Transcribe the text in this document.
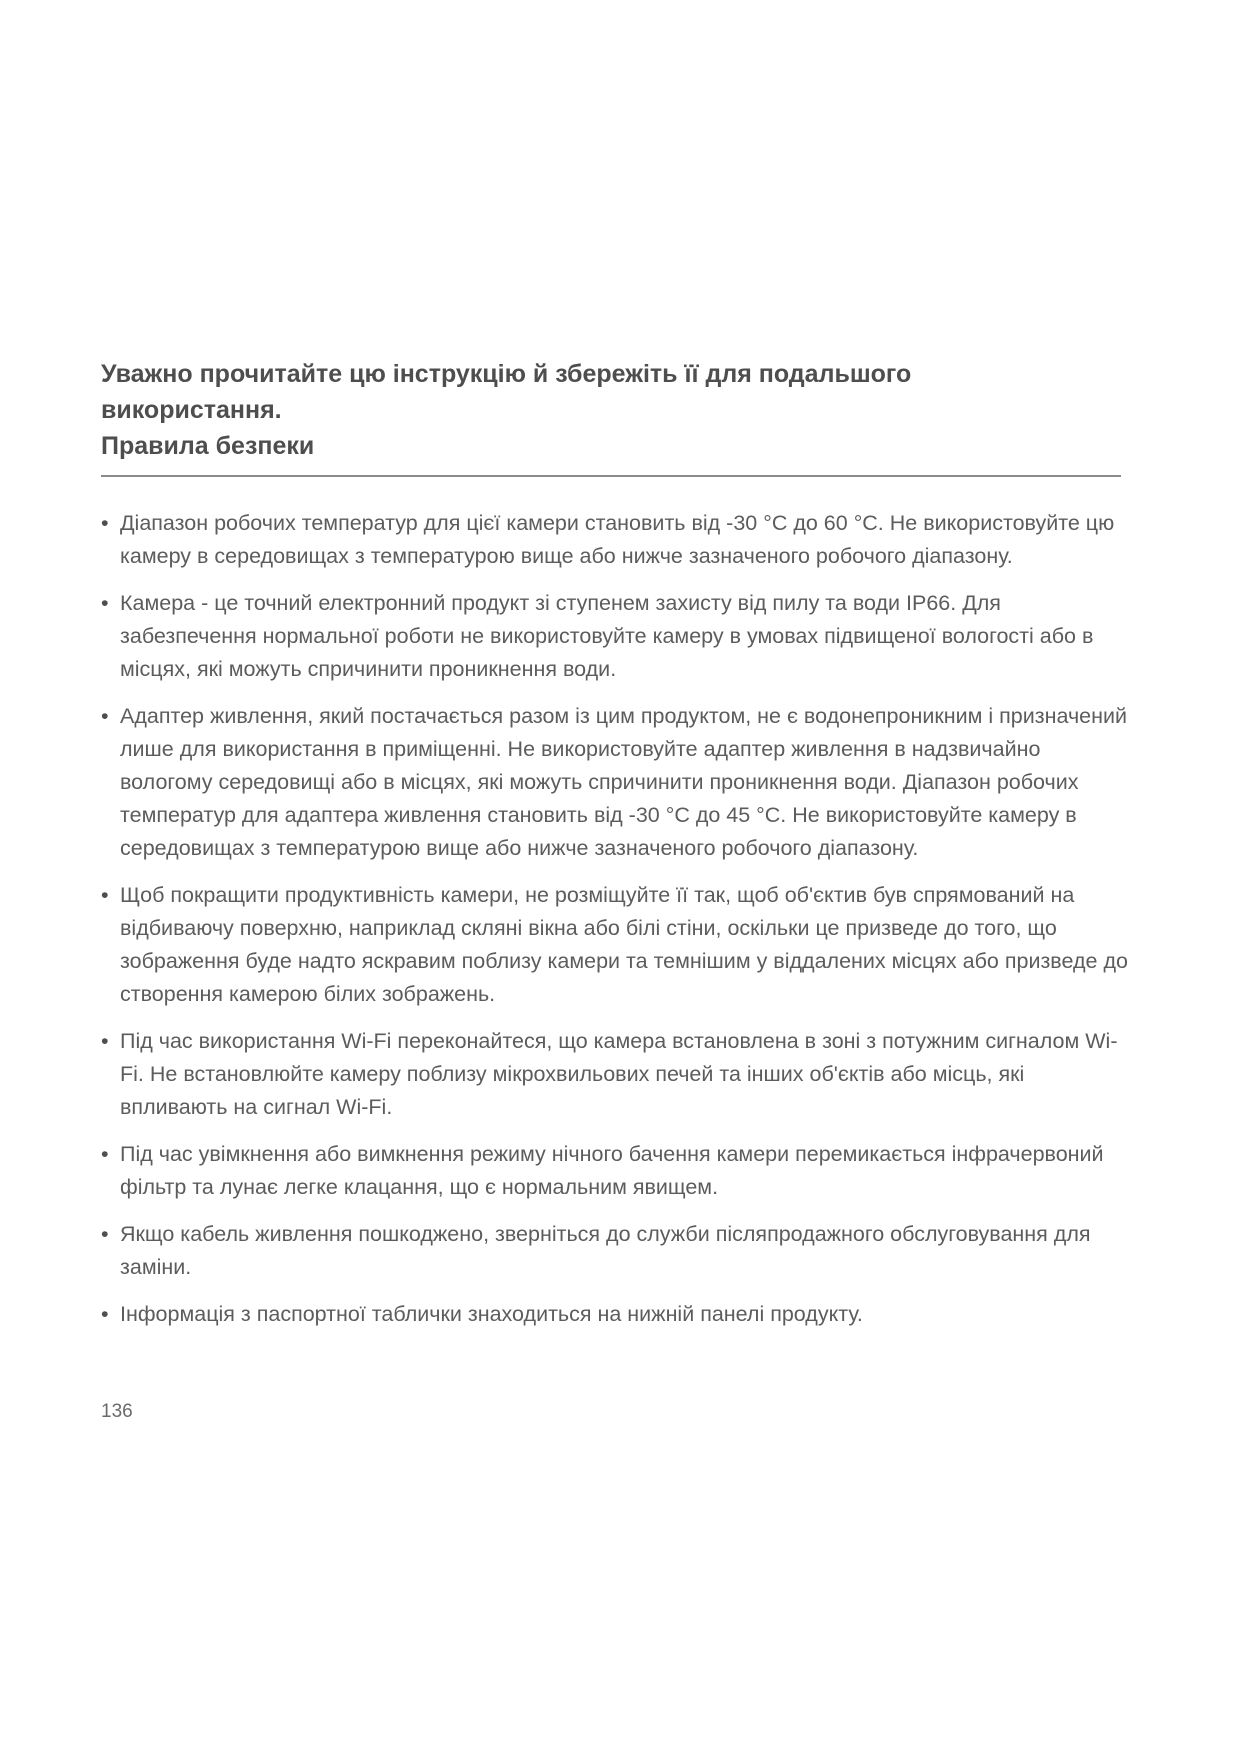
Уважно прочитайте цю інструкцію й збережіть її для подальшого
використання.
Правила безпеки
• Діапазон робочих температур для цієї камери становить від -30 °C до 60 °C. Не використовуйте цю камеру в середовищах з температурою вище або нижче зазначеного робочого діапазону.
• Камера - це точний електронний продукт зі ступенем захисту від пилу та води IP66. Для забезпечення нормальної роботи не використовуйте камеру в умовах підвищеної вологості або в місцях, які можуть спричинити проникнення води.
• Адаптер живлення, який постачається разом із цим продуктом, не є водонепроникним і призначений лише для використання в приміщенні. Не використовуйте адаптер живлення в надзвичайно вологому середовищі або в місцях, які можуть спричинити проникнення води. Діапазон робочих температур для адаптера живлення становить від -30 °C до 45 °C. Не використовуйте камеру в середовищах з температурою вище або нижче зазначеного робочого діапазону.
• Щоб покращити продуктивність камери, не розміщуйте її так, щоб об'єктив був спрямований на відбиваючу поверхню, наприклад скляні вікна або білі стіни, оскільки це призведе до того, що зображення буде надто яскравим поблизу камери та темнішим у віддалених місцях або призведе до створення камерою білих зображень.
• Під час використання Wi-Fi переконайтеся, що камера встановлена в зоні з потужним сигналом Wi-Fi. Не встановлюйте камеру поблизу мікрохвильових печей та інших об'єктів або місць, які впливають на сигнал Wi-Fi.
• Під час увімкнення або вимкнення режиму нічного бачення камери перемикається інфрачервоний фільтр та лунає легке клацання, що є нормальним явищем.
• Якщо кабель живлення пошкоджено, зверніться до служби післяпродажного обслуговування для заміни.
• Інформація з паспортної таблички знаходиться на нижній панелі продукту.
136
